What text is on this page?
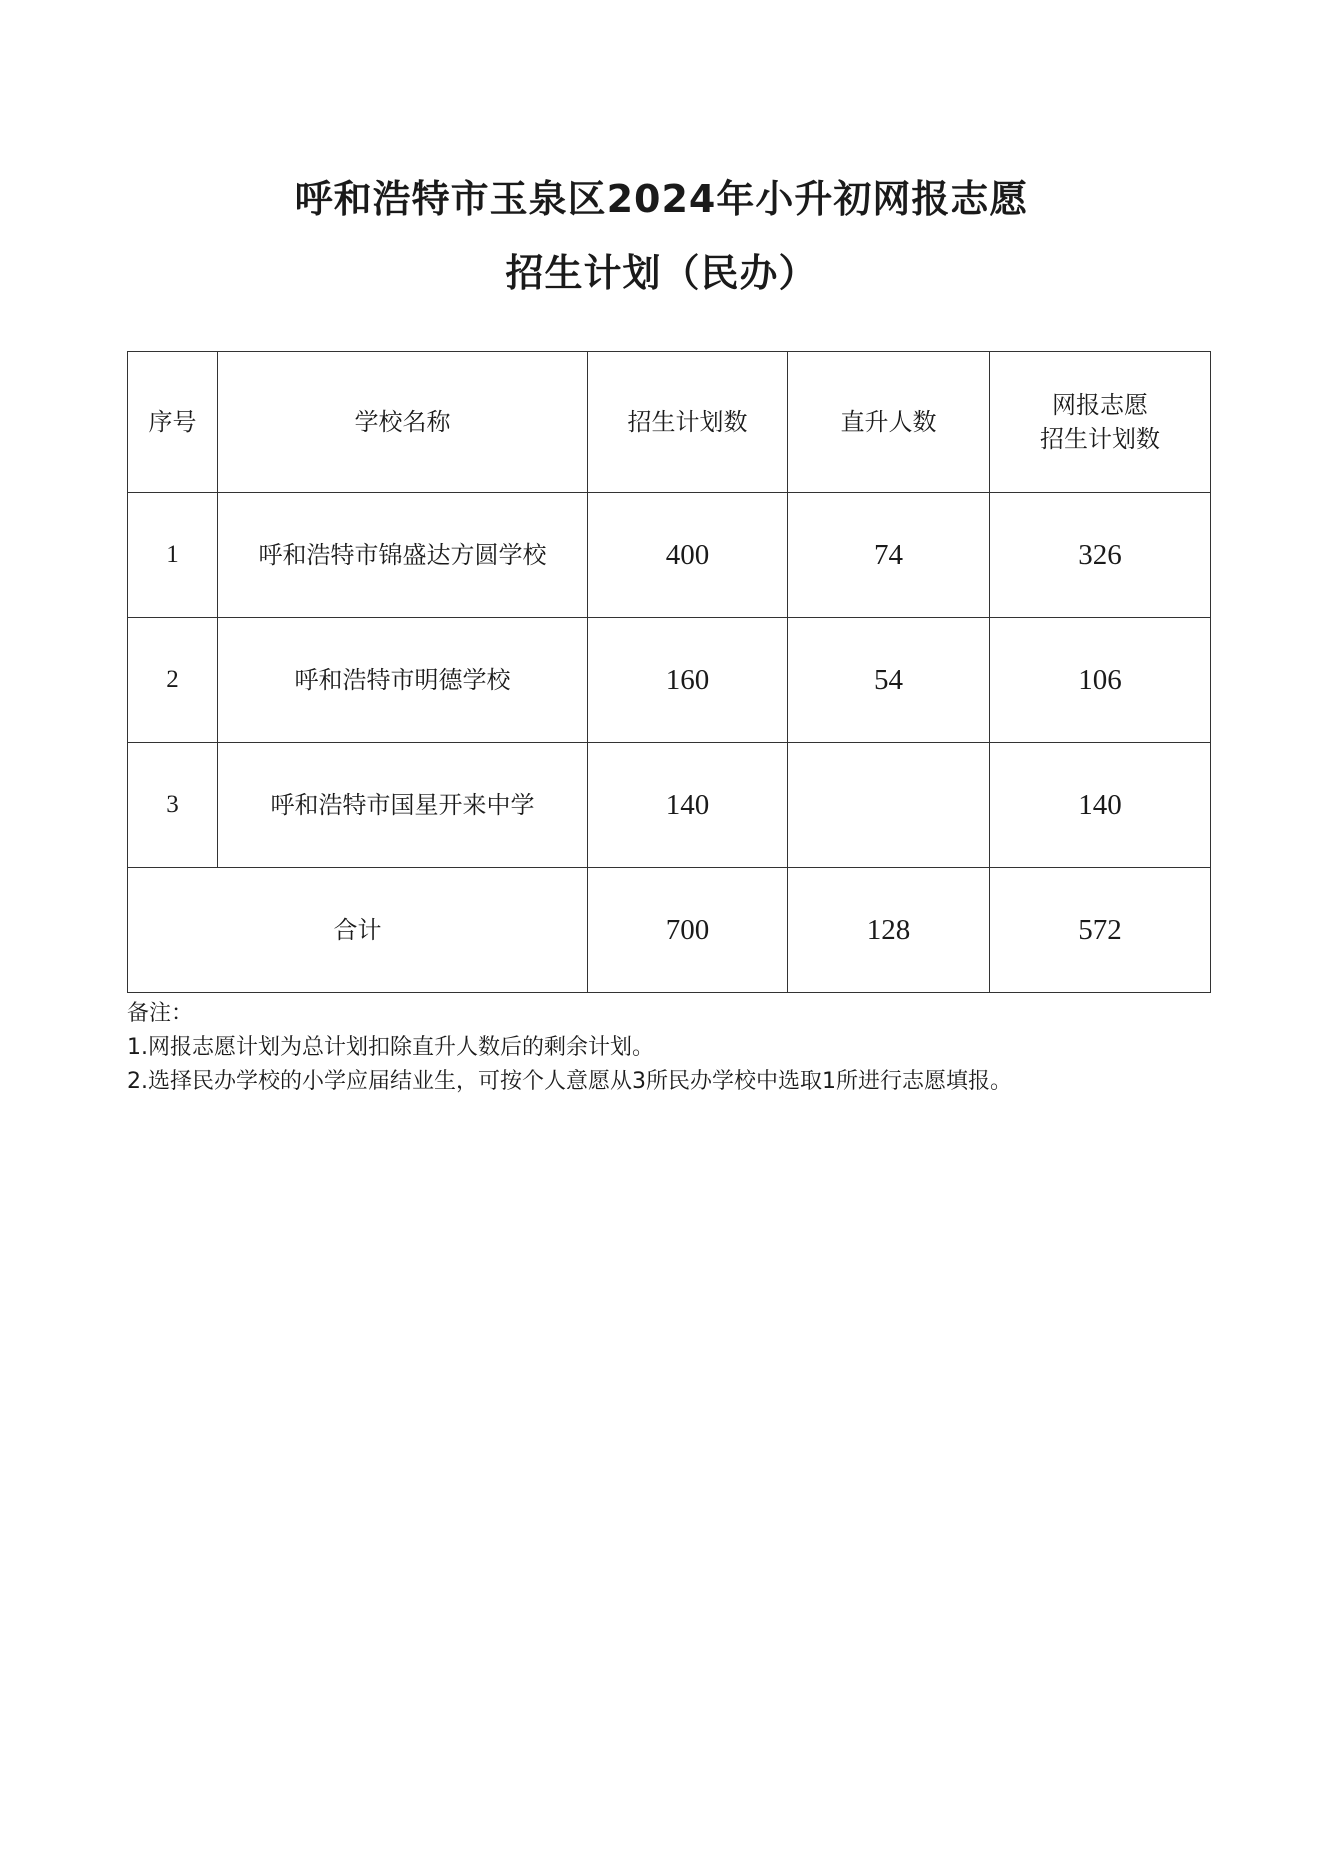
呼和浩特市玉泉区2024年小升初网报志愿
招生计划（民办）
序号	学校名称	招生计划数	直升人数	网报志愿
招生计划数

1	呼和浩特市锦盛达方圆学校	400	74	326
2	呼和浩特市明德学校	160	54	106
3	呼和浩特市国星开来中学	140		140
合计		700	128	572
备注：
1.网报志愿计划为总计划扣除直升人数后的剩余计划。
2.选择民办学校的小学应届结业生，可按个人意愿从3所民办学校中选取1所进行志愿填报。
